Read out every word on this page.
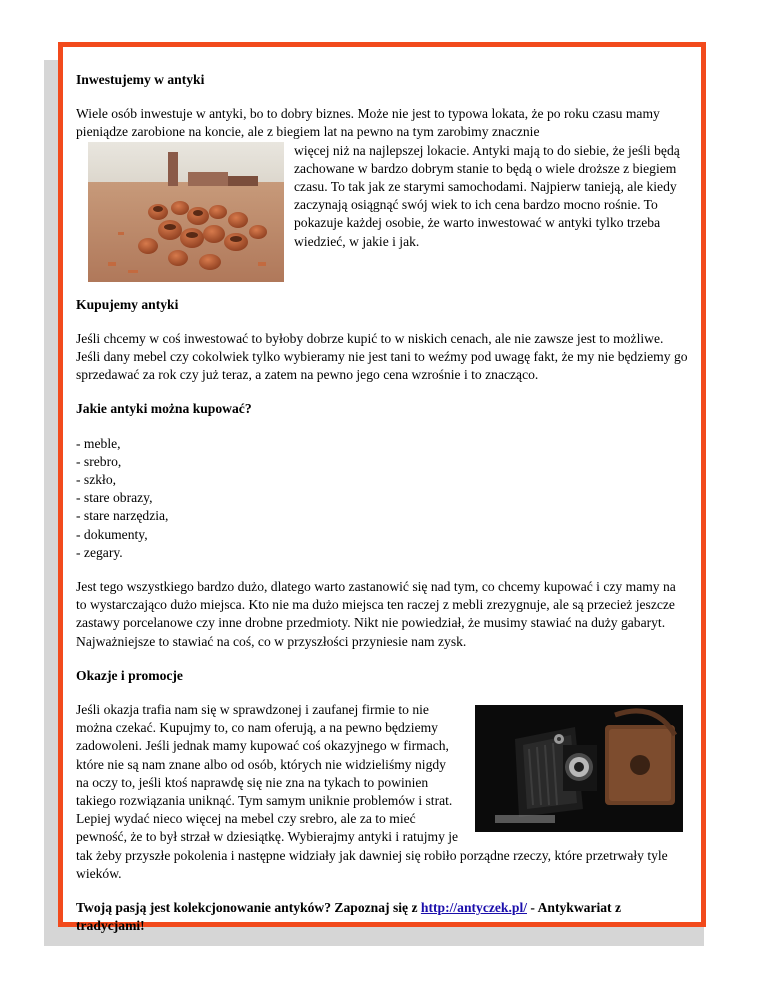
Inwestujemy w antyki

Wiele osób inwestuje w antyki, bo to dobry biznes. Może nie jest to typowa lokata, że po roku czasu mamy pieniądze zarobione na koncie, ale z biegiem lat na pewno na tym zarobimy znacznie

więcej niż na najlepszej lokacie. Antyki mają to do siebie, że jeśli będą zachowane w bardzo dobrym stanie to będą o wiele droższe z biegiem czasu. To tak jak ze starymi samochodami. Najpierw tanieją, ale kiedy zaczynają osiągnąć swój wiek to ich cena bardzo mocno rośnie. To pokazuje każdej osobie, że warto inwestować w antyki tylko trzeba wiedzieć, w jakie i jak.

Kupujemy antyki

Jeśli chcemy w coś inwestować to byłoby dobrze kupić to w niskich cenach, ale nie zawsze jest to możliwe. Jeśli dany mebel czy cokolwiek tylko wybieramy nie jest tani to weźmy pod uwagę fakt, że my nie będziemy go sprzedawać za rok czy już teraz, a zatem na pewno jego cena wzrośnie i to znacząco.

Jakie antyki można kupować?
- meble,
- srebro,
- szkło,
- stare obrazy,
- stare narzędzia,
- dokumenty,
- zegary.

Jest tego wszystkiego bardzo dużo, dlatego warto zastanowić się nad tym, co chcemy kupować i czy mamy na to wystarczająco dużo miejsca. Kto nie ma dużo miejsca ten raczej z mebli zrezygnuje, ale są przecież jeszcze zastawy porcelanowe czy inne drobne przedmioty. Nikt nie powiedział, że musimy stawiać na duży gabaryt. Najważniejsze to stawiać na coś, co w przyszłości przyniesie nam zysk.

Okazje i promocje

Jeśli okazja trafia nam się w sprawdzonej i zaufanej firmie to nie można czekać. Kupujmy to, co nam oferują, a na pewno będziemy zadowoleni. Jeśli jednak mamy kupować coś okazyjnego w firmach, które nie są nam znane albo od osób, których nie widzieliśmy nigdy na oczy to, jeśli ktoś naprawdę się nie zna na tykach to powinien takiego rozwiązania uniknąć. Tym samym uniknie problemów i strat. Lepiej wydać nieco więcej na mebel czy srebro, ale za to mieć pewność, że to był strzał w dziesiątkę. Wybierajmy antyki i ratujmy je tak żeby przyszłe pokolenia i następne widziały jak dawniej się robiło porządne rzeczy, które przetrwały tyle wieków.

Twoją pasją jest kolekcjonowanie antyków? Zapoznaj się z http://antyczek.pl/ - Antykwariat z tradycjami!
